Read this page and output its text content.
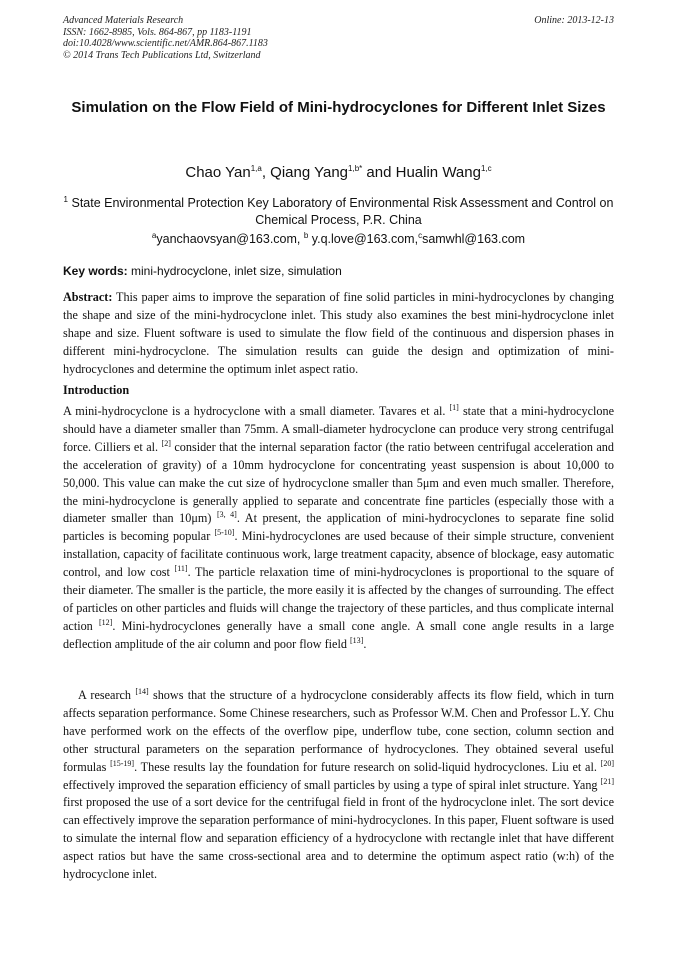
Advanced Materials Research
ISSN: 1662-8985, Vols. 864-867, pp 1183-1191
doi:10.4028/www.scientific.net/AMR.864-867.1183
© 2014 Trans Tech Publications Ltd, Switzerland
Online: 2013-12-13
Simulation on the Flow Field of Mini-hydrocyclones for Different Inlet Sizes
Chao Yan$^{1,a}$, Qiang Yang$^{1,b*}$ and Hualin Wang$^{1,c}$
$^1$ State Environmental Protection Key Laboratory of Environmental Risk Assessment and Control on Chemical Process, P.R. China
$^a$yanchaovsyan@163.com, $^b$ y.q.love@163.com,$^c$samwhl@163.com
Key words: mini-hydrocyclone, inlet size, simulation

Abstract: This paper aims to improve the separation of fine solid particles in mini-hydrocyclones by changing the shape and size of the mini-hydrocyclone inlet. This study also examines the best mini-hydrocyclone inlet shape and size. Fluent software is used to simulate the flow field of the continuous and dispersion phases in different mini-hydrocyclone. The simulation results can guide the design and optimization of mini-hydrocyclones and determine the optimum inlet aspect ratio.

Introduction

A mini-hydrocyclone is a hydrocyclone with a small diameter. Tavares et al. [1] state that a mini-hydrocyclone should have a diameter smaller than 75mm. A small-diameter hydrocyclone can produce very strong centrifugal force. Cilliers et al. [2] consider that the internal separation factor (the ratio between centrifugal acceleration and the acceleration of gravity) of a 10mm hydrocyclone for concentrating yeast suspension is about 10,000 to 50,000. This value can make the cut size of hydrocyclone smaller than 5μm and even much smaller. Therefore, the mini-hydrocyclone is generally applied to separate and concentrate fine particles (especially those with a diameter smaller than 10μm) [3, 4]. At present, the application of mini-hydrocyclones to separate fine solid particles is becoming popular [5-10]. Mini-hydrocyclones are used because of their simple structure, convenient installation, capacity of facilitate continuous work, large treatment capacity, absence of blockage, easy automatic control, and low cost [11]. The particle relaxation time of mini-hydrocyclones is proportional to the square of their diameter. The smaller is the particle, the more easily it is affected by the changes of surrounding. The effect of particles on other particles and fluids will change the trajectory of these particles, and thus complicate internal action [12]. Mini-hydrocyclones generally have a small cone angle. A small cone angle results in a large deflection amplitude of the air column and poor flow field [13].

A research [14] shows that the structure of a hydrocyclone considerably affects its flow field, which in turn affects separation performance. Some Chinese researchers, such as Professor W.M. Chen and Professor L.Y. Chu have performed work on the effects of the overflow pipe, underflow tube, cone section, column section and other structural parameters on the separation performance of hydrocyclones. They obtained several useful formulas [15-19]. These results lay the foundation for future research on solid-liquid hydrocyclones. Liu et al. [20] effectively improved the separation efficiency of small particles by using a type of spiral inlet structure. Yang [21] first proposed the use of a sort device for the centrifugal field in front of the hydrocyclone inlet. The sort device can effectively improve the separation performance of mini-hydrocyclones. In this paper, Fluent software is used to simulate the internal flow and separation efficiency of a hydrocyclone with rectangle inlet that have different aspect ratios but have the same cross-sectional area and to determine the optimum aspect ratio (w:h) of the hydrocyclone inlet.
